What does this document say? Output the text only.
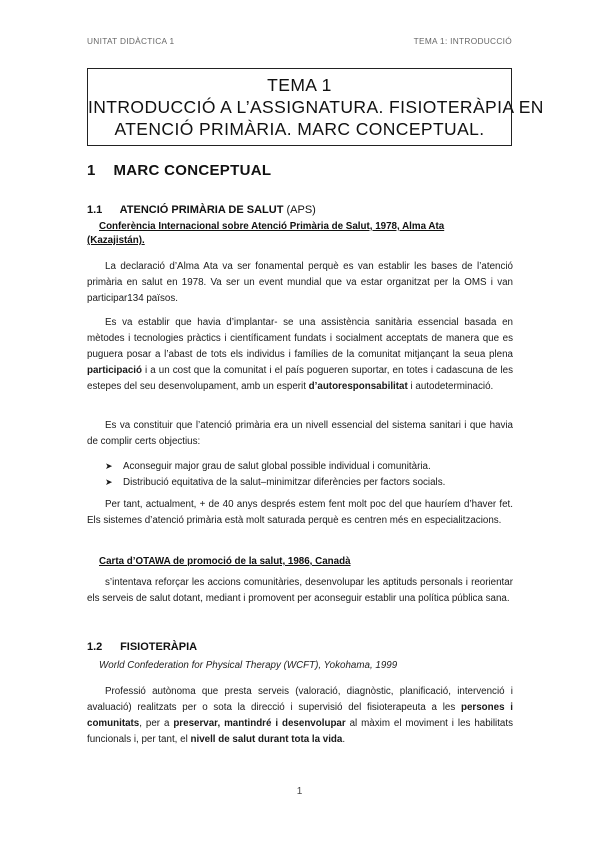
UNITAT DIDÀCTICA 1	TEMA 1: INTRODUCCIÓ
TEMA 1
INTRODUCCIÓ A L’ASSIGNATURA. FISIOTERÀPIA EN
ATENCIÓ PRIMÀRIA. MARC CONCEPTUAL.
1 MARC CONCEPTUAL
1.1 ATENCIÓ PRIMÀRIA DE SALUT (APS)
Conferència Internacional sobre Atenció Primària de Salut, 1978, Alma Ata
(Kazajistán).
La declaració d’Alma Ata va ser fonamental perquè es van establir les bases de l’atenció primària en salut en 1978. Va ser un event mundial que va estar organitzat per la OMS i van participar134 països.
Es va establir que havia d’implantar- se una assistència sanitària essencial basada en mètodes i tecnologies pràctics i científicament fundats i socialment acceptats de manera que es puguera posar a l’abast de tots els individus i famílies de la comunitat mitjançant la seua plena participació i a un cost que la comunitat i el país pogueren suportar, en totes i cadascuna de les estepes del seu desenvolupament, amb un esperit d’autoresponsabilitat i autodeterminació.
Es va constituir que l’atenció primària era un nivell essencial del sistema sanitari i que havia de complir certs objectius:
➤ Aconseguir major grau de salut global possible individual i comunitària.
➤ Distribució equitativa de la salut–minimitzar diferències per factors socials.
Per tant, actualment, + de 40 anys després estem fent molt poc del que hauríem d’haver fet. Els sistemes d’atenció primària està molt saturada perquè es centren més en especialitzacions.
Carta d’OTAWA de promoció de la salut, 1986, Canadà
s’intentava reforçar les accions comunitàries, desenvolupar les aptituds personals i reorientar els serveis de salut dotant, mediant i promovent per aconseguir establir una política pública sana.
1.2 FISIOTERÀPIA
World Confederation for Physical Therapy (WCFT), Yokohama, 1999
Professió autònoma que presta serveis (valoració, diagnòstic, planificació, intervenció i avaluació) realitzats per o sota la direcció i supervisió del fisioterapeuta a les persones i comunitats, per a preservar, mantindré i desenvolupar al màxim el moviment i les habilitats funcionals i, per tant, el nivell de salut durant tota la vida.
1
